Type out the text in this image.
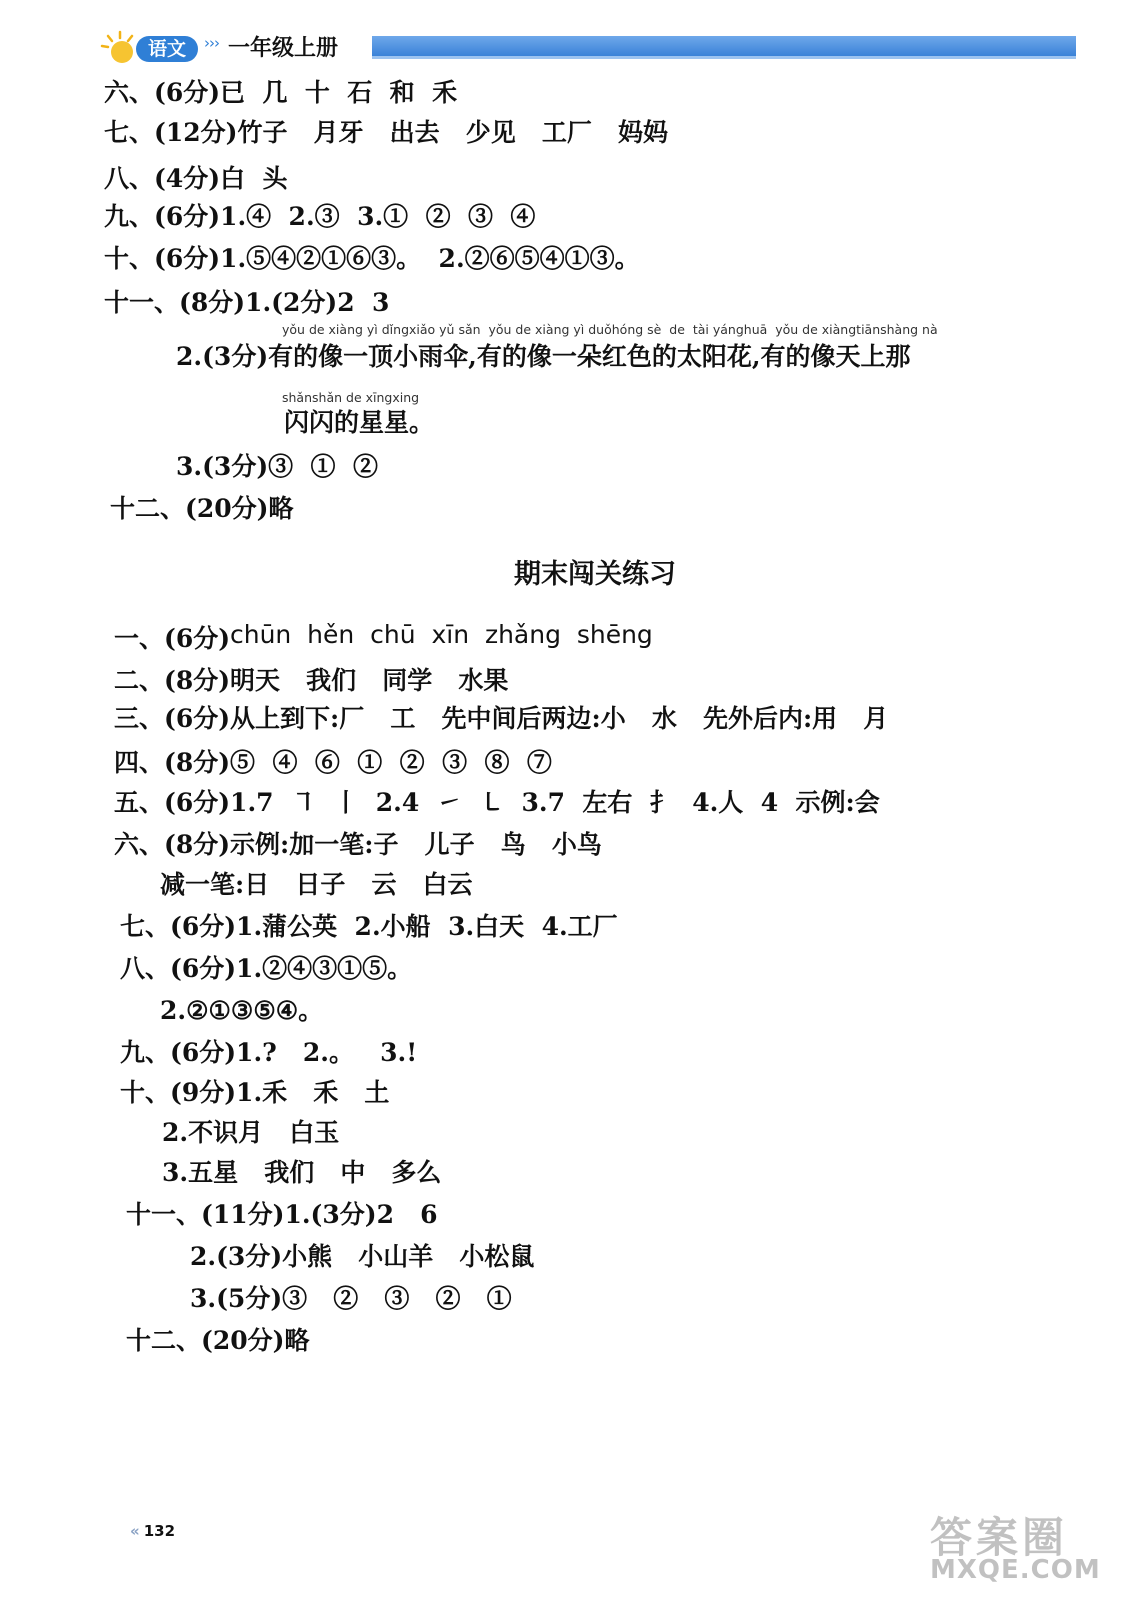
语文	››› 一年级上册
六、(6分)已  几  十  石  和  禾
七、(12分)竹子   月牙   出去   少见   工厂   妈妈
八、(4分)白  头
九、(6分)1.④  2.③  3.①  ②  ③  ④
十、(6分)1.⑤④②①⑥③。  2.②⑥⑤④①③。
十一、(8分)1.(2分)2  3
yǒu de xiàng yì dǐngxiǎo yǔ sǎn  yǒu de xiàng yì duǒhóng sè  de  tài yánghuā  yǒu de xiàngtiānshàng nà
2.(3分)有的像一顶小雨伞,有的像一朵红色的太阳花,有的像天上那
shǎnshǎn de xīngxing
闪闪的星星。
3.(3分)③  ①  ②
十二、(20分)略
期末闯关练习
一、(6分) chūn  hěn  chū  xīn  zhǎng  shēng
二、(8分)明天   我们   同学   水果
三、(6分)从上到下:厂   工   先中间后两边:小   水   先外后内:用   月
四、(8分)⑤  ④  ⑥  ①  ②  ③  ⑧  ⑦
五、(6分)1.7  ㇕  丨  2.4  ㇀  ㇄  3.7  左右  扌  4.人  4  示例:会
六、(8分)示例:加一笔:子   儿子   鸟   小鸟
减一笔:日   日子   云   白云
七、(6分)1.蒲公英  2.小船  3.白天  4.工厂
八、(6分)1.②④③①⑤。
2.②①③⑤④。
九、(6分)1.?   2.。   3.!
十、(9分)1.禾   禾   土
2.不识月   白玉
3.五星   我们   中   多么
十一、(11分)1.(3分)2   6
2.(3分)小熊   小山羊   小松鼠
3.(5分)③   ②   ③   ②   ①
十二、(20分)略
« 132	答案圈
MXQE.COM
